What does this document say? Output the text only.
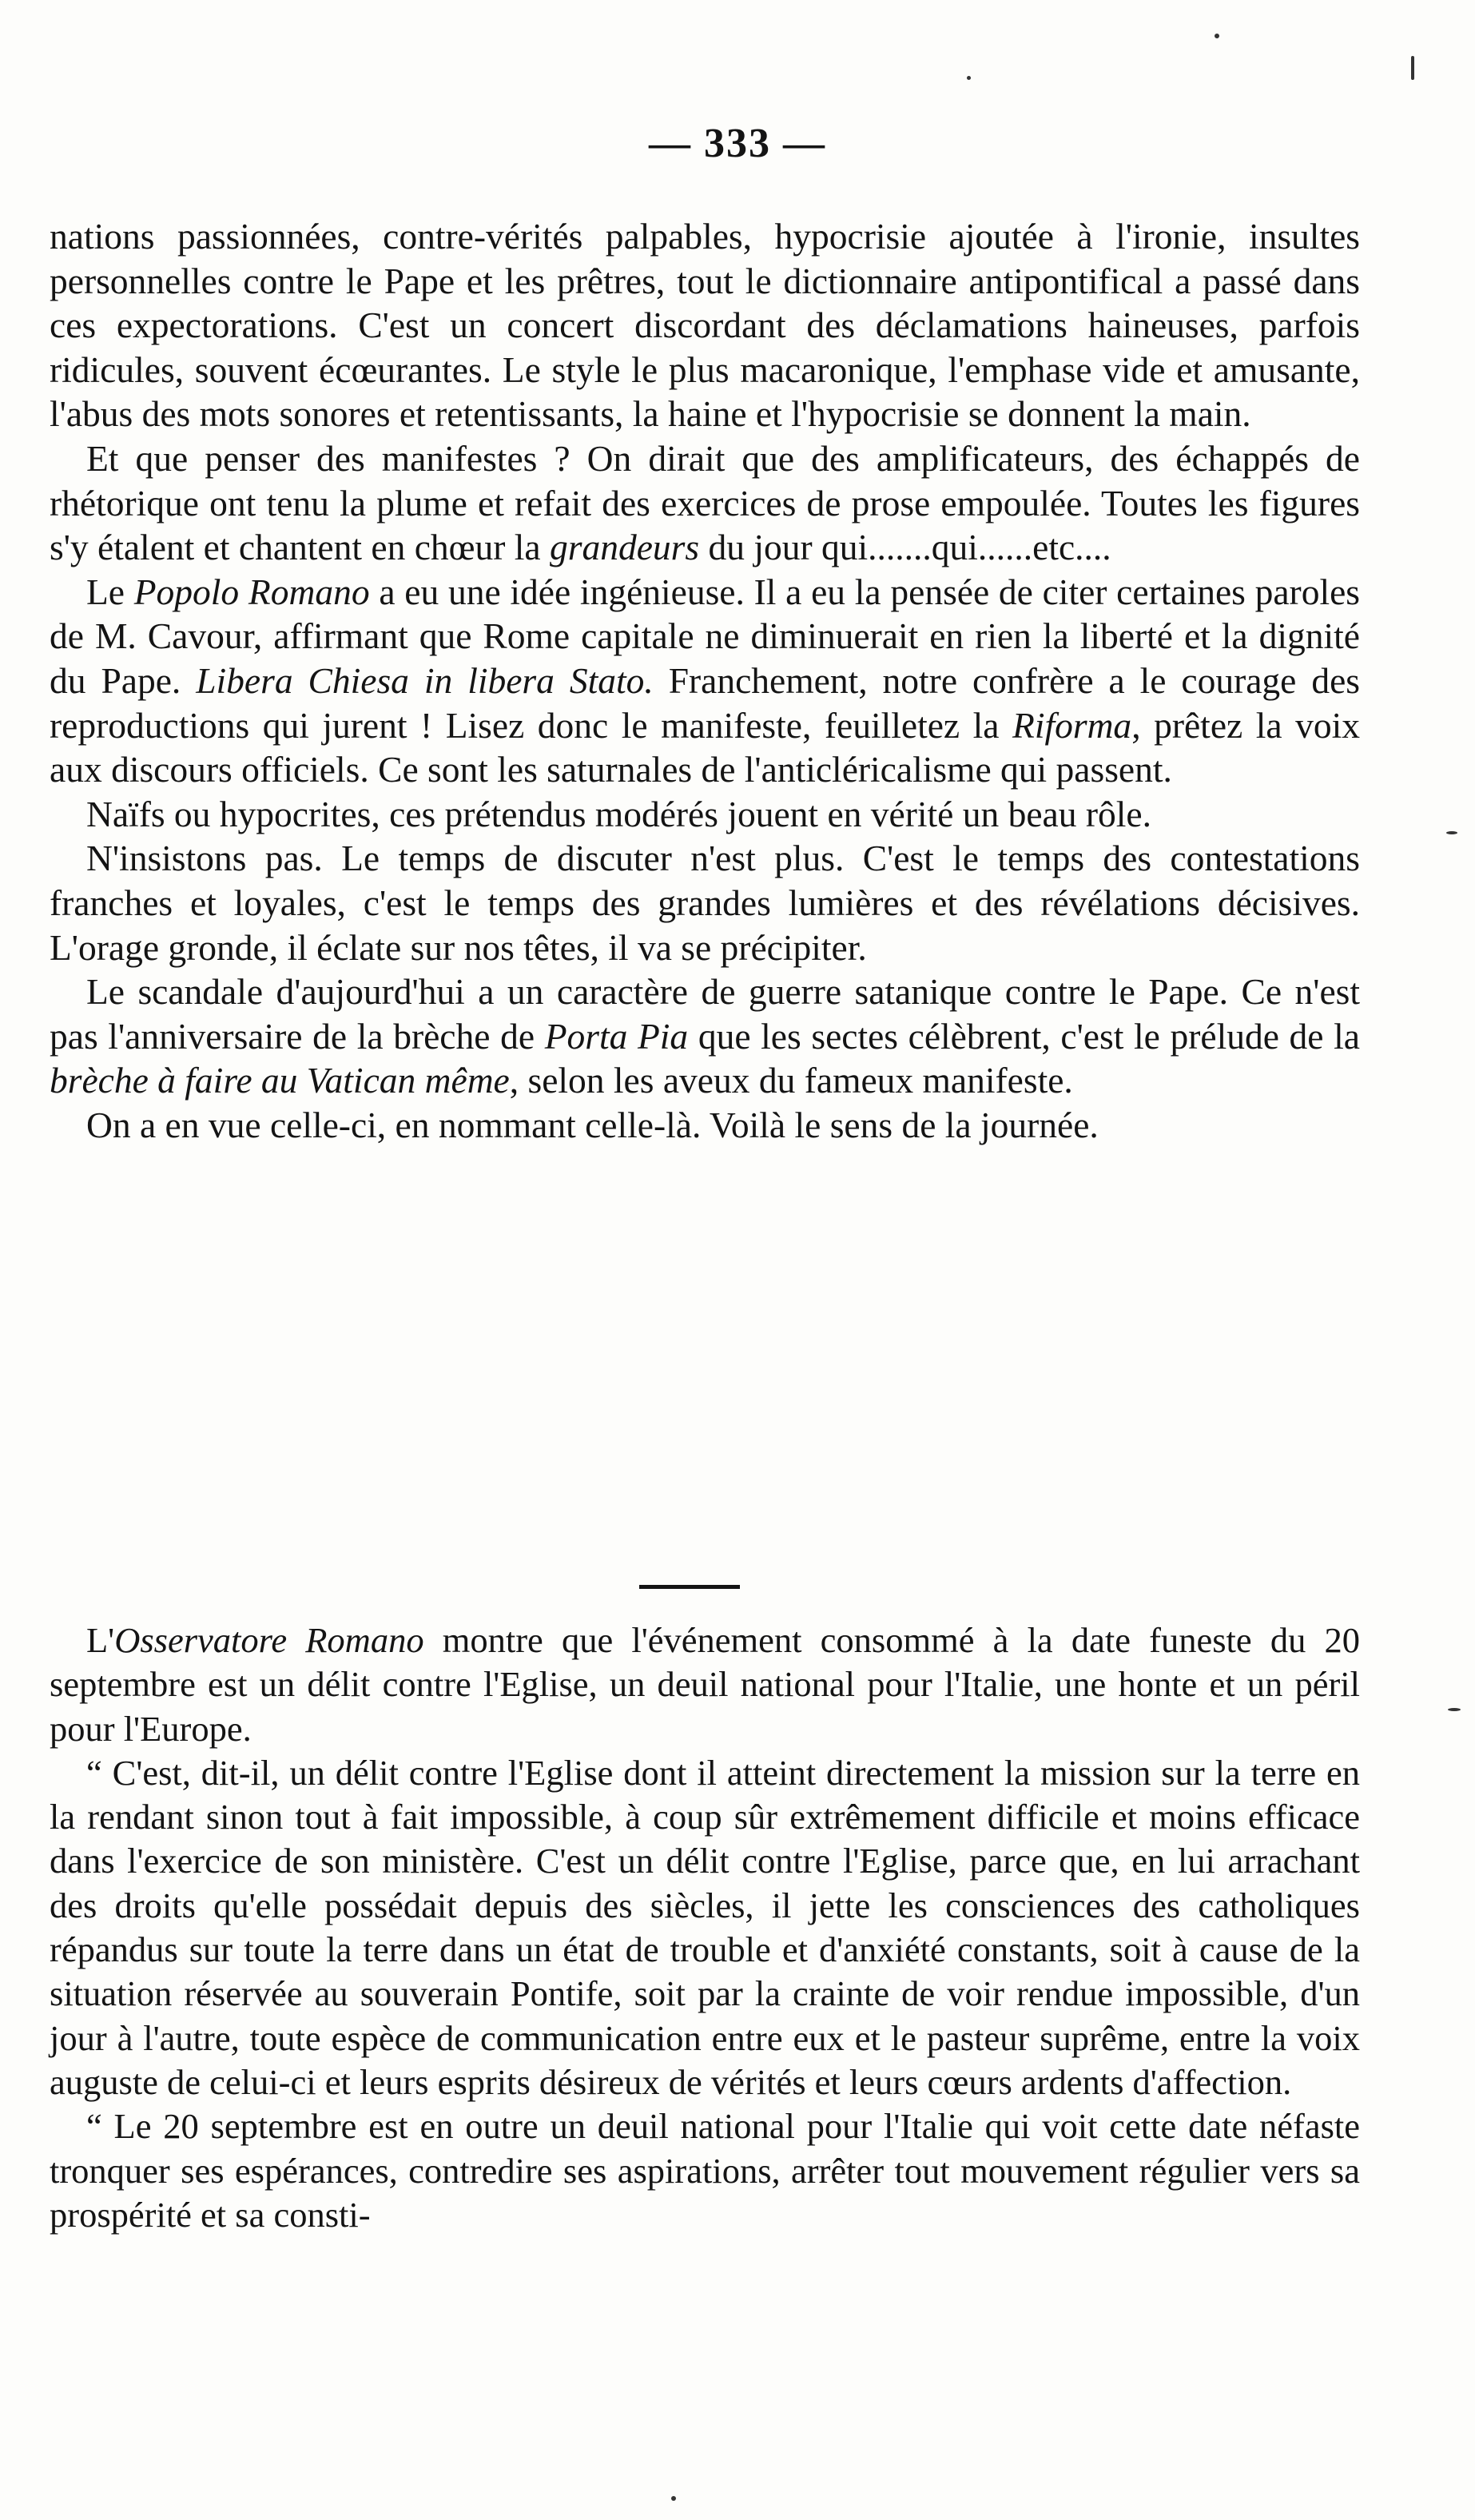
— 333 —

nations passionnées, contre-vérités palpables, hypocrisie ajoutée à l'ironie, insultes personnelles contre le Pape et les prêtres, tout le dictionnaire antipontifical a passé dans ces expectorations. C'est un concert discordant des déclamations haineuses, parfois ridicules, souvent écœurantes. Le style le plus macaronique, l'emphase vide et amusante, l'abus des mots sonores et retentissants, la haine et l'hypocrisie se donnent la main.

Et que penser des manifestes ? On dirait que des amplificateurs, des échappés de rhétorique ont tenu la plume et refait des exercices de prose empoulée. Toutes les figures s'y étalent et chantent en chœur la grandeurs du jour qui.......qui......etc....

Le Popolo Romano a eu une idée ingénieuse. Il a eu la pensée de citer certaines paroles de M. Cavour, affirmant que Rome capitale ne diminuerait en rien la liberté et la dignité du Pape. Libera Chiesa in libera Stato. Franchement, notre confrère a le courage des reproductions qui jurent ! Lisez donc le manifeste, feuilletez la Riforma, prêtez la voix aux discours officiels. Ce sont les saturnales de l'anticléricalisme qui passent.

Naïfs ou hypocrites, ces prétendus modérés jouent en vérité un beau rôle.

N'insistons pas. Le temps de discuter n'est plus. C'est le temps des contestations franches et loyales, c'est le temps des grandes lumières et des révélations décisives. L'orage gronde, il éclate sur nos têtes, il va se précipiter.

Le scandale d'aujourd'hui a un caractère de guerre satanique contre le Pape. Ce n'est pas l'anniversaire de la brèche de Porta Pia que les sectes célèbrent, c'est le prélude de la brèche à faire au Vatican même, selon les aveux du fameux manifeste.

On a en vue celle-ci, en nommant celle-là. Voilà le sens de la journée.

L'Osservatore Romano montre que l'événement consommé à la date funeste du 20 septembre est un délit contre l'Eglise, un deuil national pour l'Italie, une honte et un péril pour l'Europe.

“ C'est, dit-il, un délit contre l'Eglise dont il atteint directement la mission sur la terre en la rendant sinon tout à fait impossible, à coup sûr extrêmement difficile et moins efficace dans l'exercice de son ministère. C'est un délit contre l'Eglise, parce que, en lui arrachant des droits qu'elle possédait depuis des siècles, il jette les consciences des catholiques répandus sur toute la terre dans un état de trouble et d'anxiété constants, soit à cause de la situation réservée au souverain Pontife, soit par la crainte de voir rendue impossible, d'un jour à l'autre, toute espèce de communication entre eux et le pasteur suprême, entre la voix auguste de celui-ci et leurs esprits désireux de vérités et leurs cœurs ardents d'affection.

“ Le 20 septembre est en outre un deuil national pour l'Italie qui voit cette date néfaste tronquer ses espérances, contredire ses aspirations, arrêter tout mouvement régulier vers sa prospérité et sa consti-
